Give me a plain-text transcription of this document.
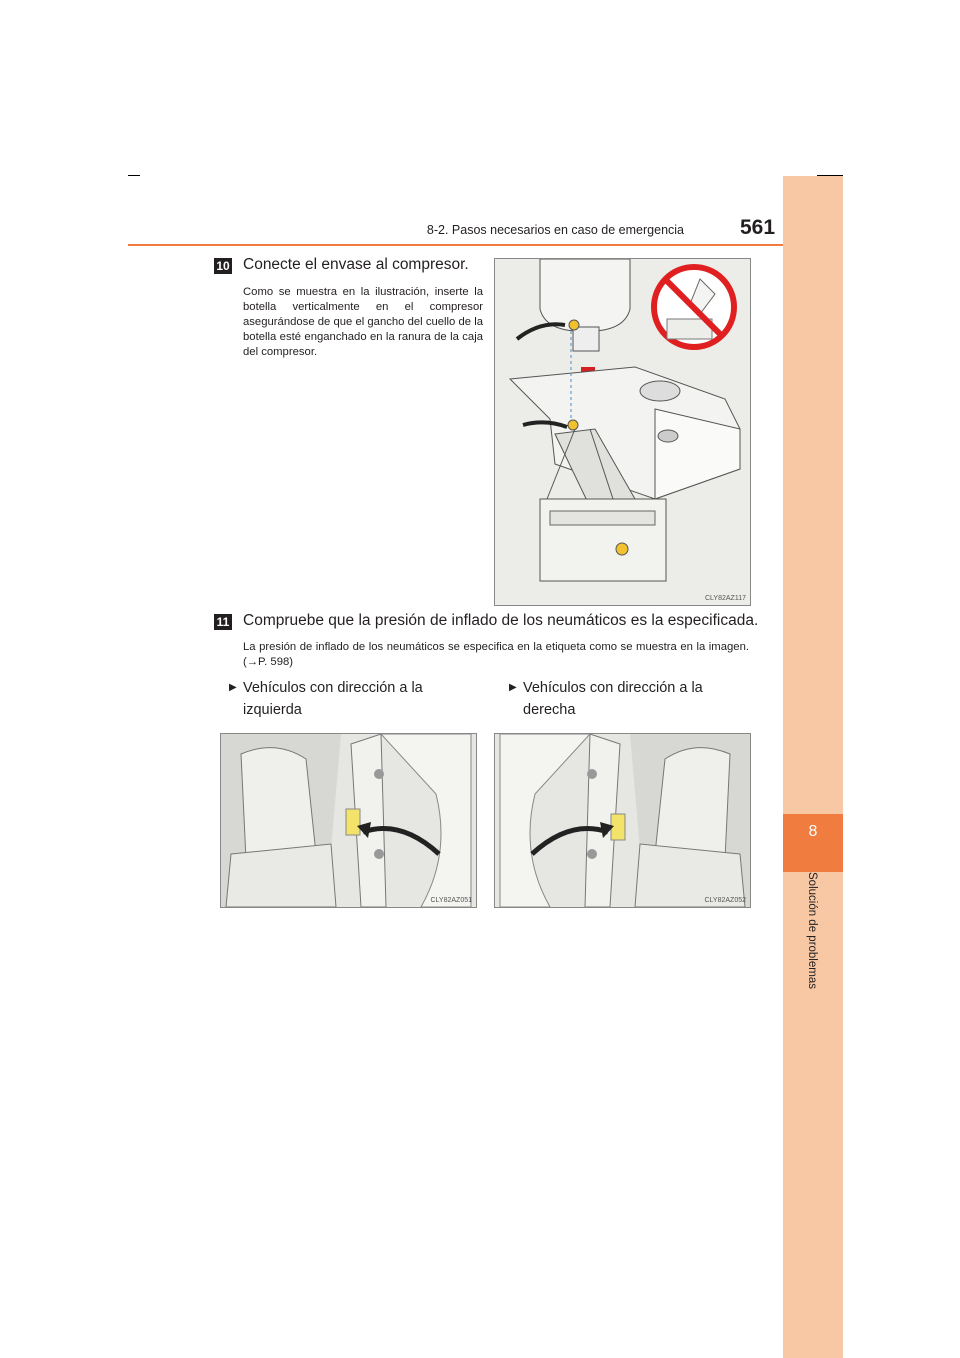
8
Solución de problemas
8-2. Pasos necesarios en caso de emergencia	561
10 Conecte el envase al compresor.
Como se muestra en la ilustración, inserte la botella verticalmente en el compresor asegurándose de que el gancho del cuello de la botella esté enganchado en la ranura de la caja del compresor.
CLY82AZ117
11 Compruebe que la presión de inflado de los neumáticos es la especificada.
La presión de inflado de los neumáticos se especifica en la etiqueta como se muestra en la imagen. (→P. 598)
▶ Vehículos con dirección a la izquierda
▶ Vehículos con dirección a la derecha
CLY82AZ051	CLY82AZ052
